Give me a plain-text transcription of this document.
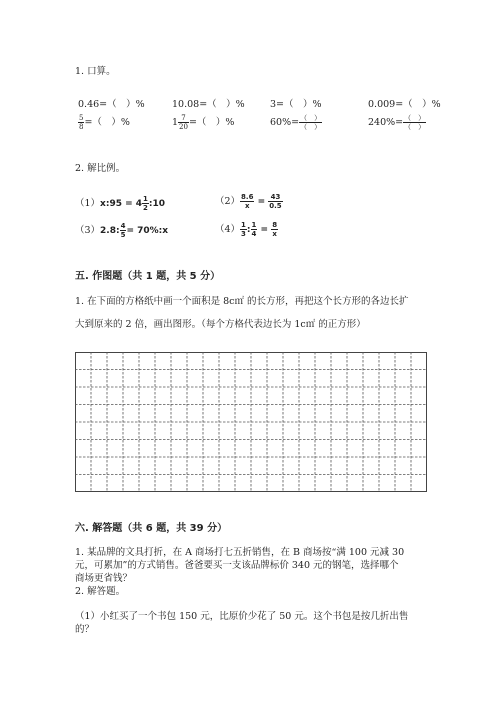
1. 口算。
0.46=（　）%	10.08=（　）%	3=（　）%	0.009=（　）%
$\frac{5}{8}$ =（　）%	$1 \frac{7}{20}$ =（　）%	$60\%= \frac{( )}{( )}$	$240\%= \frac{( )}{( )}$
2. 解比例。
（1）x:95 = $4 \frac{1}{2}$ :10	$(2) \frac{8.6}{x} = \frac{43}{0.5}$
（3）2.8: $\frac{4}{5}$ = 70%:x	$(4) \frac{1}{3}$ : $\frac{1}{4} = \frac{8}{x}$
五. 作图题（共 1 题，共 5 分）
1. 在下面的方格纸中画一个面积是 8c㎡ 的长方形，再把这个长方形的各边长扩
大到原来的 2 倍，画出图形。（每个方格代表边长为 1c㎡ 的正方形）
六. 解答题（共 6 题，共 39 分）
1. 某品牌的文具打折，在 A 商场打七五折销售，在 B 商场按“满 100 元减 30
元，可累加”的方式销售。爸爸要买一支该品牌标价 340 元的钢笔，选择哪个
商场更省钱？
2. 解答题。
（1）小红买了一个书包 150 元，比原价少花了 50 元。这个书包是按几折出售
的？
